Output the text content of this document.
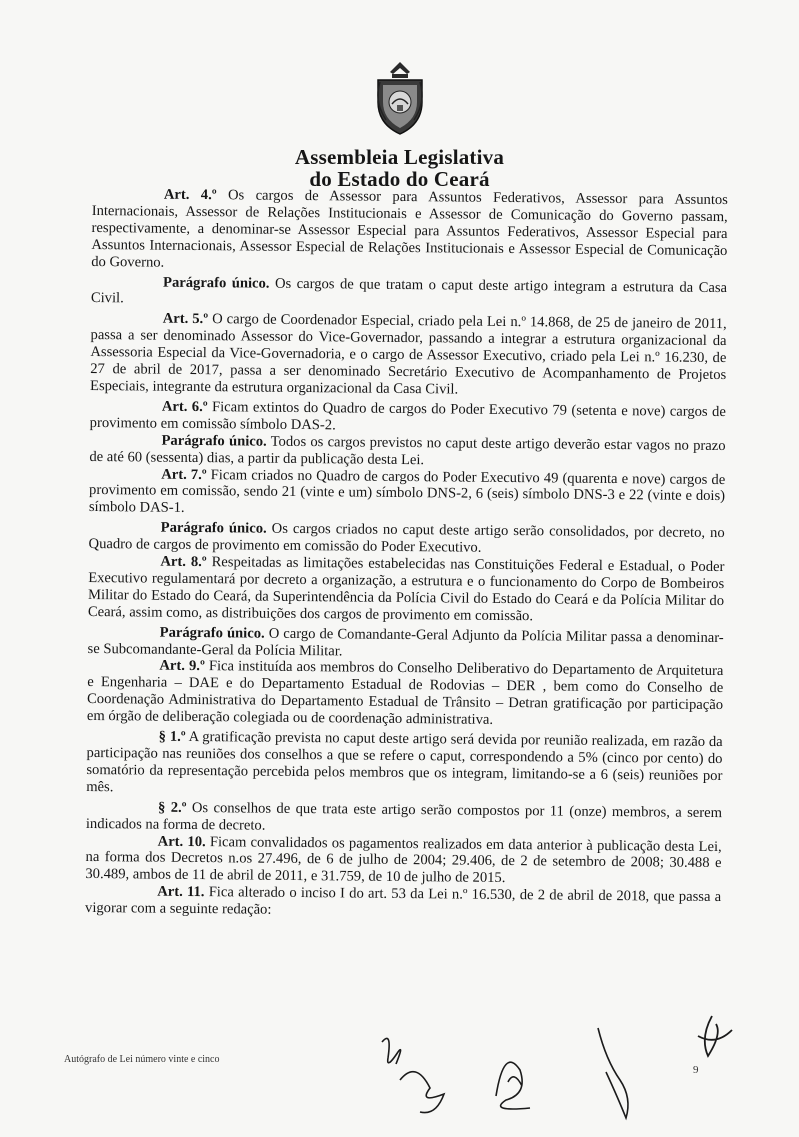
Assembleia Legislativa
do Estado do Ceará

Art. 4.º Os cargos de Assessor para Assuntos Federativos, Assessor para Assuntos Internacionais, Assessor de Relações Institucionais e Assessor de Comunicação do Governo passam, respectivamente, a denominar-se Assessor Especial para Assuntos Federativos, Assessor Especial para Assuntos Internacionais, Assessor Especial de Relações Institucionais e Assessor Especial de Comunicação do Governo.

Parágrafo único. Os cargos de que tratam o caput deste artigo integram a estrutura da Casa Civil.

Art. 5.º O cargo de Coordenador Especial, criado pela Lei n.º 14.868, de 25 de janeiro de 2011, passa a ser denominado Assessor do Vice-Governador, passando a integrar a estrutura organizacional da Assessoria Especial da Vice-Governadoria, e o cargo de Assessor Executivo, criado pela Lei n.º 16.230, de 27 de abril de 2017, passa a ser denominado Secretário Executivo de Acompanhamento de Projetos Especiais, integrante da estrutura organizacional da Casa Civil.

Art. 6.º Ficam extintos do Quadro de cargos do Poder Executivo 79 (setenta e nove) cargos de provimento em comissão símbolo DAS-2.

Parágrafo único. Todos os cargos previstos no caput deste artigo deverão estar vagos no prazo de até 60 (sessenta) dias, a partir da publicação desta Lei.

Art. 7.º Ficam criados no Quadro de cargos do Poder Executivo 49 (quarenta e nove) cargos de provimento em comissão, sendo 21 (vinte e um) símbolo DNS-2, 6 (seis) símbolo DNS-3 e 22 (vinte e dois) símbolo DAS-1.

Parágrafo único. Os cargos criados no caput deste artigo serão consolidados, por decreto, no Quadro de cargos de provimento em comissão do Poder Executivo.

Art. 8.º Respeitadas as limitações estabelecidas nas Constituições Federal e Estadual, o Poder Executivo regulamentará por decreto a organização, a estrutura e o funcionamento do Corpo de Bombeiros Militar do Estado do Ceará, da Superintendência da Polícia Civil do Estado do Ceará e da Polícia Militar do Ceará, assim como, as distribuições dos cargos de provimento em comissão.

Parágrafo único. O cargo de Comandante-Geral Adjunto da Polícia Militar passa a denominar-se Subcomandante-Geral da Polícia Militar.

Art. 9.º Fica instituída aos membros do Conselho Deliberativo do Departamento de Arquitetura e Engenharia – DAE e do Departamento Estadual de Rodovias – DER , bem como do Conselho de Coordenação Administrativa do Departamento Estadual de Trânsito – Detran gratificação por participação em órgão de deliberação colegiada ou de coordenação administrativa.

§ 1.º A gratificação prevista no caput deste artigo será devida por reunião realizada, em razão da participação nas reuniões dos conselhos a que se refere o caput, correspondendo a 5% (cinco por cento) do somatório da representação percebida pelos membros que os integram, limitando-se a 6 (seis) reuniões por mês.

§ 2.º Os conselhos de que trata este artigo serão compostos por 11 (onze) membros, a serem indicados na forma de decreto.

Art. 10. Ficam convalidados os pagamentos realizados em data anterior à publicação desta Lei, na forma dos Decretos n.os 27.496, de 6 de julho de 2004; 29.406, de 2 de setembro de 2008; 30.488 e 30.489, ambos de 11 de abril de 2011, e 31.759, de 10 de julho de 2015.

Art. 11. Fica alterado o inciso I do art. 53 da Lei n.º 16.530, de 2 de abril de 2018, que passa a vigorar com a seguinte redação:

Autógrafo de Lei número vinte e cinco
9
